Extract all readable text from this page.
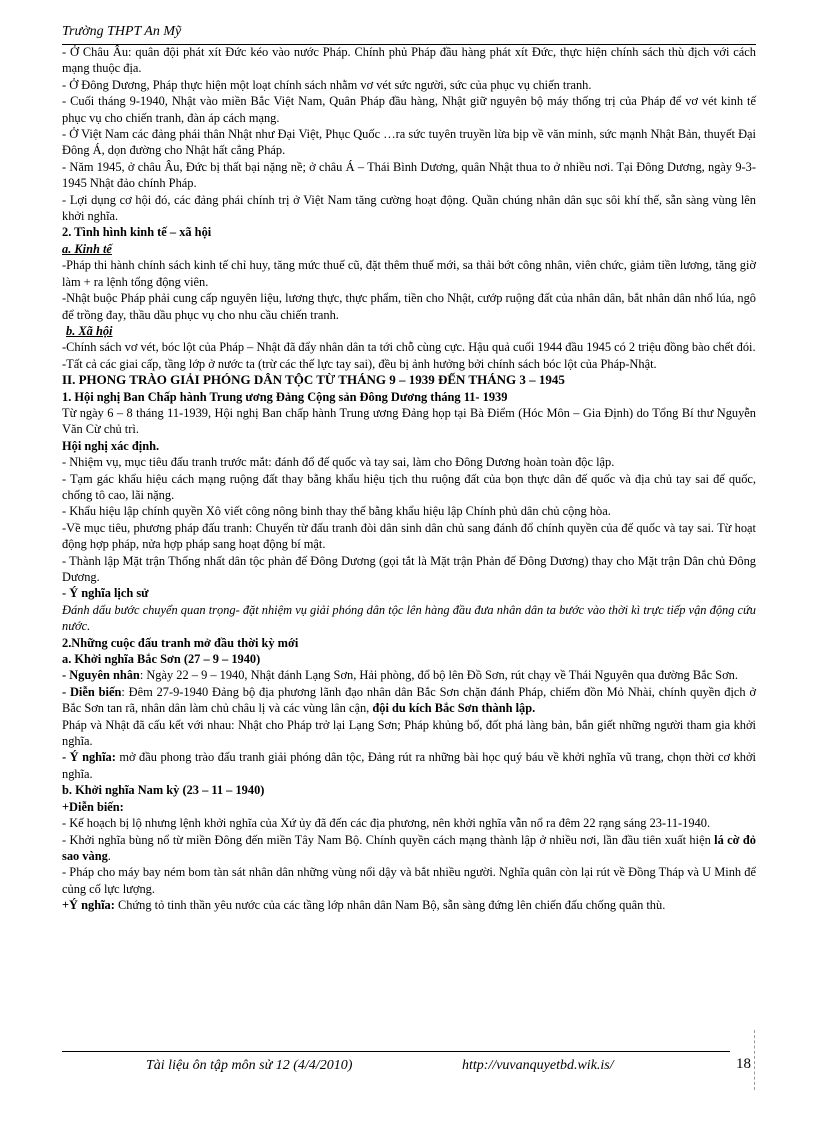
Trường THPT An Mỹ

- Ở Châu Âu: quân đội phát xít Đức kéo vào nước Pháp. Chính phủ Pháp đầu hàng phát xít Đức, thực hiện chính sách thù địch với cách mạng thuộc địa.

- Ở Đông Dương, Pháp thực hiện một loạt chính sách nhằm vơ vét sức người, sức của phục vụ chiến tranh.

- Cuối tháng 9-1940, Nhật vào miền Bắc Việt Nam, Quân Pháp đầu hàng, Nhật giữ nguyên bộ máy thống trị của Pháp để vơ vét kinh tế phục vụ cho chiến tranh, đàn áp cách mạng.

- Ở Việt Nam các đảng phái thân Nhật như Đại Việt, Phục Quốc …ra sức tuyên truyền lừa bịp về văn minh, sức mạnh Nhật Bản, thuyết Đại Đông Á, dọn đường cho Nhật hất cẳng Pháp.

- Năm 1945, ở châu Âu, Đức bị thất bại nặng nề; ở châu Á – Thái Bình Dương, quân Nhật thua to ở nhiều nơi. Tại Đông Dương, ngày 9-3-1945 Nhật đảo chính Pháp.

- Lợi dụng cơ hội đó, các đảng phái chính trị ở Việt Nam tăng cường hoạt động. Quần chúng nhân dân sục sôi khí thế, sẵn sàng vùng lên khởi nghĩa.

2. Tình hình kinh tế – xã hội

a. Kinh tế

-Pháp thi hành chính sách kinh tế chỉ huy, tăng mức thuế cũ, đặt thêm thuế mới, sa thải bớt công nhân, viên chức, giảm tiền lương, tăng giờ làm + ra lệnh tổng động viên.

-Nhật buộc Pháp phải cung cấp nguyên liệu, lương thực, thực phẩm, tiền cho Nhật, cướp ruộng đất của nhân dân, bắt nhân dân nhổ lúa, ngô để trồng đay, thầu dầu phục vụ cho nhu cầu chiến tranh.

b. Xã hội

-Chính sách vơ vét, bóc lột của Pháp – Nhật đã đẩy nhân dân ta tới chỗ cùng cực. Hậu quả cuối 1944 đầu 1945 có 2 triệu đồng bào chết đói.

-Tất cả các giai cấp, tầng lớp ở nước ta (trừ các thế lực tay sai), đều bị ảnh hưởng bởi chính sách bóc lột của Pháp-Nhật.

II. PHONG TRÀO GIẢI PHÓNG DÂN TỘC TỪ THÁNG 9 – 1939 ĐẾN THÁNG 3 – 1945

1. Hội nghị Ban Chấp hành Trung ương Đảng Cộng sản Đông Dương tháng 11- 1939

Từ ngày 6 – 8 tháng 11-1939, Hội nghị Ban chấp hành Trung ương Đảng họp tại Bà Điểm (Hóc Môn – Gia Định) do Tổng Bí thư Nguyễn Văn Cừ chủ trì.

Hội nghị xác định.

- Nhiệm vụ, mục tiêu đấu tranh trước mắt: đánh đổ đế quốc và tay sai, làm cho Đông Dương hoàn toàn độc lập.

- Tạm gác khẩu hiệu cách mạng ruộng đất thay bằng khẩu hiệu tịch thu ruộng đất của bọn thực dân đế quốc và địa chủ tay sai đế quốc, chống tô cao, lãi nặng.

- Khẩu hiệu lập chính quyền Xô viết công nông binh thay thế bằng khẩu hiệu lập Chính phủ dân chủ cộng hòa.

-Về mục tiêu, phương pháp đấu tranh: Chuyển từ đấu tranh đòi dân sinh dân chủ sang đánh đổ chính quyền của đế quốc và tay sai. Từ hoạt động hợp pháp, nửa hợp pháp sang hoạt động bí mật.

- Thành lập Mặt trận Thống nhất dân tộc phản đế Đông Dương (gọi tắt là Mặt trận Phản đế Đông Dương) thay cho Mặt trận Dân chủ Đông Dương.

- Ý nghĩa lịch sử

Đánh dấu bước chuyển quan trọng- đặt nhiệm vụ giải phóng dân tộc lên hàng đầu đưa nhân dân ta bước vào thời kì trực tiếp vận động cứu nước.

2.Những cuộc đấu tranh mở đầu thời kỳ mới

a. Khởi nghĩa Bắc Sơn (27 – 9 – 1940)

- Nguyên nhân: Ngày 22 – 9 – 1940, Nhật đánh Lạng Sơn, Hải phòng, đổ bộ lên Đồ Sơn, rút chạy về Thái Nguyên qua đường Bắc Sơn.

- Diễn biến: Đêm 27-9-1940 Đảng bộ địa phương lãnh đạo nhân dân Bắc Sơn chặn đánh Pháp, chiếm đồn Mỏ Nhài, chính quyền địch ở Bắc Sơn tan rã, nhân dân làm chủ châu lị và các vùng lân cận, đội du kích Bắc Sơn thành lập.

Pháp và Nhật đã cấu kết với nhau: Nhật cho Pháp trở lại Lạng Sơn; Pháp khủng bố, đốt phá làng bản, bắn giết những người tham gia khởi nghĩa.

- Ý nghĩa: mở đầu phong trào đấu tranh giải phóng dân tộc, Đảng rút ra những bài học quý báu về khởi nghĩa vũ trang, chọn thời cơ khởi nghĩa.

b. Khởi nghĩa Nam kỳ (23 – 11 – 1940)

+Diễn biến:

- Kế hoạch bị lộ nhưng lệnh khởi nghĩa của Xứ ủy đã đến các địa phương, nên khởi nghĩa vẫn nổ ra đêm 22 rạng sáng 23-11-1940.

- Khởi nghĩa bùng nổ từ miền Đông đến miền Tây Nam Bộ. Chính quyền cách mạng thành lập ở nhiều nơi, lần đầu tiên xuất hiện lá cờ đỏ sao vàng.

- Pháp cho máy bay ném bom tàn sát nhân dân những vùng nổi dậy và bắt nhiều người. Nghĩa quân còn lại rút về Đồng Tháp và U Minh để củng cố lực lượng.

+Ý nghĩa: Chứng tỏ tinh thần yêu nước của các tầng lớp nhân dân Nam Bộ, sẵn sàng đứng lên chiến đấu chống quân thù.

Tài liệu ôn tập môn sử 12 (4/4/2010)	http://vuvanquyetbd.wik.is/	18
